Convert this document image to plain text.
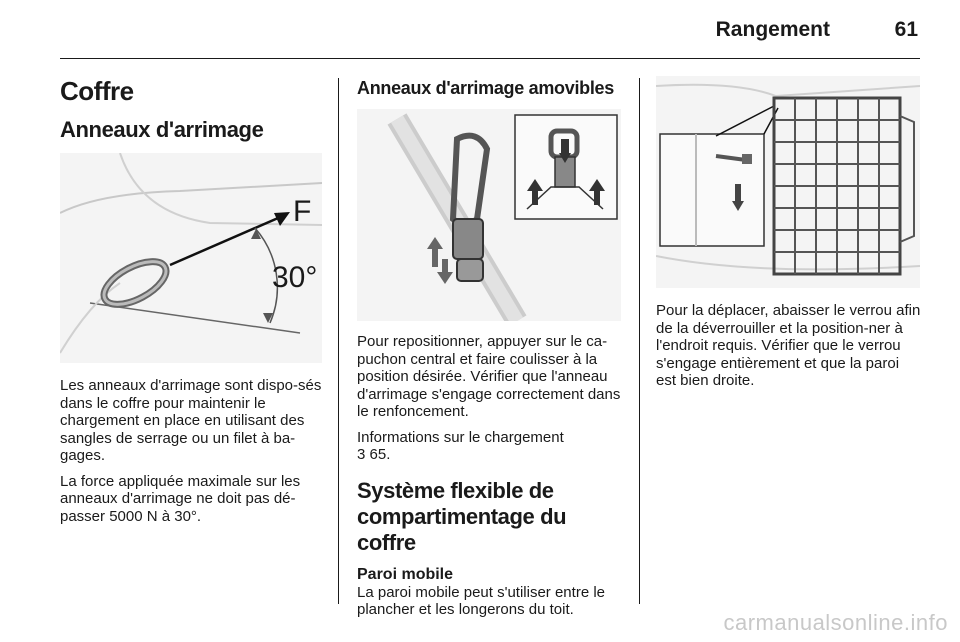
Rangement	61
Coffre
Anneaux d'arrimage
F
30°
Les anneaux d'arrimage sont dispo-sés dans le coffre pour maintenir le chargement en place en utilisant des sangles de serrage ou un filet à ba-gages.
La force appliquée maximale sur les anneaux d'arrimage ne doit pas dé-passer 5000 N à 30°.
Anneaux d'arrimage amovibles
Pour repositionner, appuyer sur le ca-puchon central et faire coulisser à la position désirée. Vérifier que l'anneau d'arrimage s'engage correctement dans le renfoncement.
Informations sur le chargement
3 65.
Système flexible de compartimentage du coffre
Paroi mobile
La paroi mobile peut s'utiliser entre le plancher et les longerons du toit.
Pour la déplacer, abaisser le verrou afin de la déverrouiller et la position-ner à l'endroit requis. Vérifier que le verrou s'engage entièrement et que la paroi est bien droite.
carmanualsonline.info
